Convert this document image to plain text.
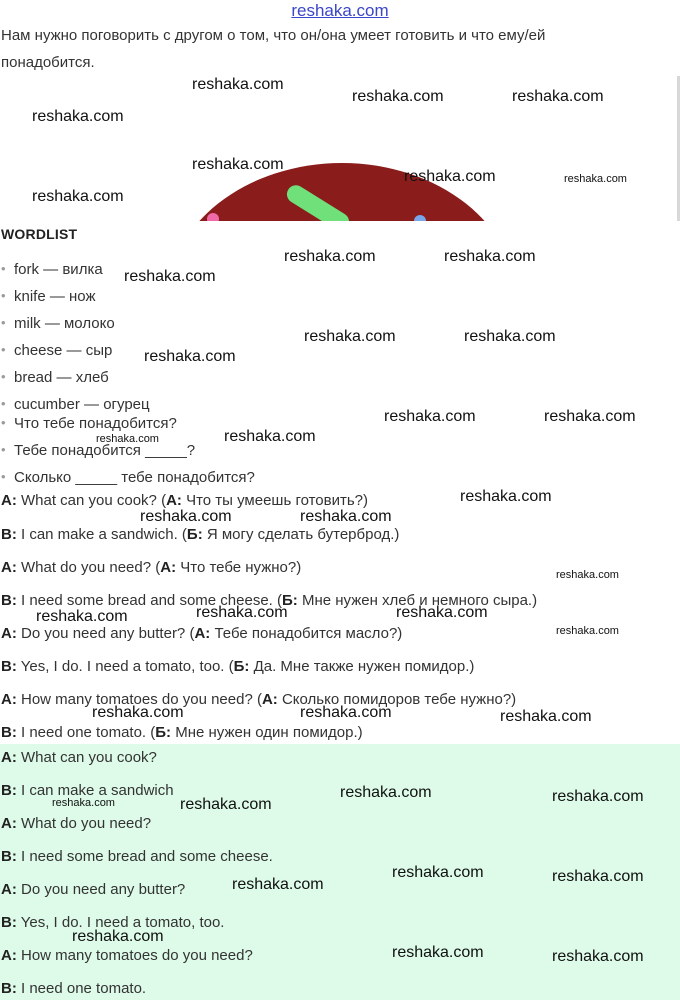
reshaka.com

Нам нужно поговорить с другом о том, что он/она умеет готовить и что ему/ей понадобится.

WORDLIST
• fork — вилка
• knife — нож
• milk — молоко
• cheese — сыр
• bread — хлеб
• cucumber — огурец
• Что тебе понадобится?
• Тебе понадобится _____?
• Сколько _____ тебе понадобится?

A: What can you cook? (А: Что ты умеешь готовить?)

B: I can make a sandwich. (Б: Я могу сделать бутерброд.)

A: What do you need? (А: Что тебе нужно?)

B: I need some bread and some cheese. (Б: Мне нужен хлеб и немного сыра.)

A: Do you need any butter? (А: Тебе понадобится масло?)

B: Yes, I do. I need a tomato, too. (Б: Да. Мне также нужен помидор.)

A: How many tomatoes do you need? (А: Сколько помидоров тебе нужно?)

B: I need one tomato. (Б: Мне нужен один помидор.)

A: What can you cook?

B: I can make a sandwich

A: What do you need?

B: I need some bread and some cheese.

A: Do you need any butter?

B: Yes, I do. I need a tomato, too.

A: How many tomatoes do you need?

B: I need one tomato.

reshaka.com
reshaka.com	reshaka.com
reshaka.com
reshaka.com
reshaka.com	reshaka.com
reshaka.com
reshaka.com	reshaka.com
reshaka.com
reshaka.com	reshaka.com
reshaka.com
reshaka.com	reshaka.com
reshaka.com
reshaka.com
reshaka.com
reshaka.com	reshaka.com
reshaka.com
reshaka.com	reshaka.com	reshaka.com
reshaka.com
reshaka.com	reshaka.com	reshaka.com
reshaka.com	reshaka.com
reshaka.com
reshaka.com
reshaka.com	reshaka.com
reshaka.com
reshaka.com
reshaka.com	reshaka.com
